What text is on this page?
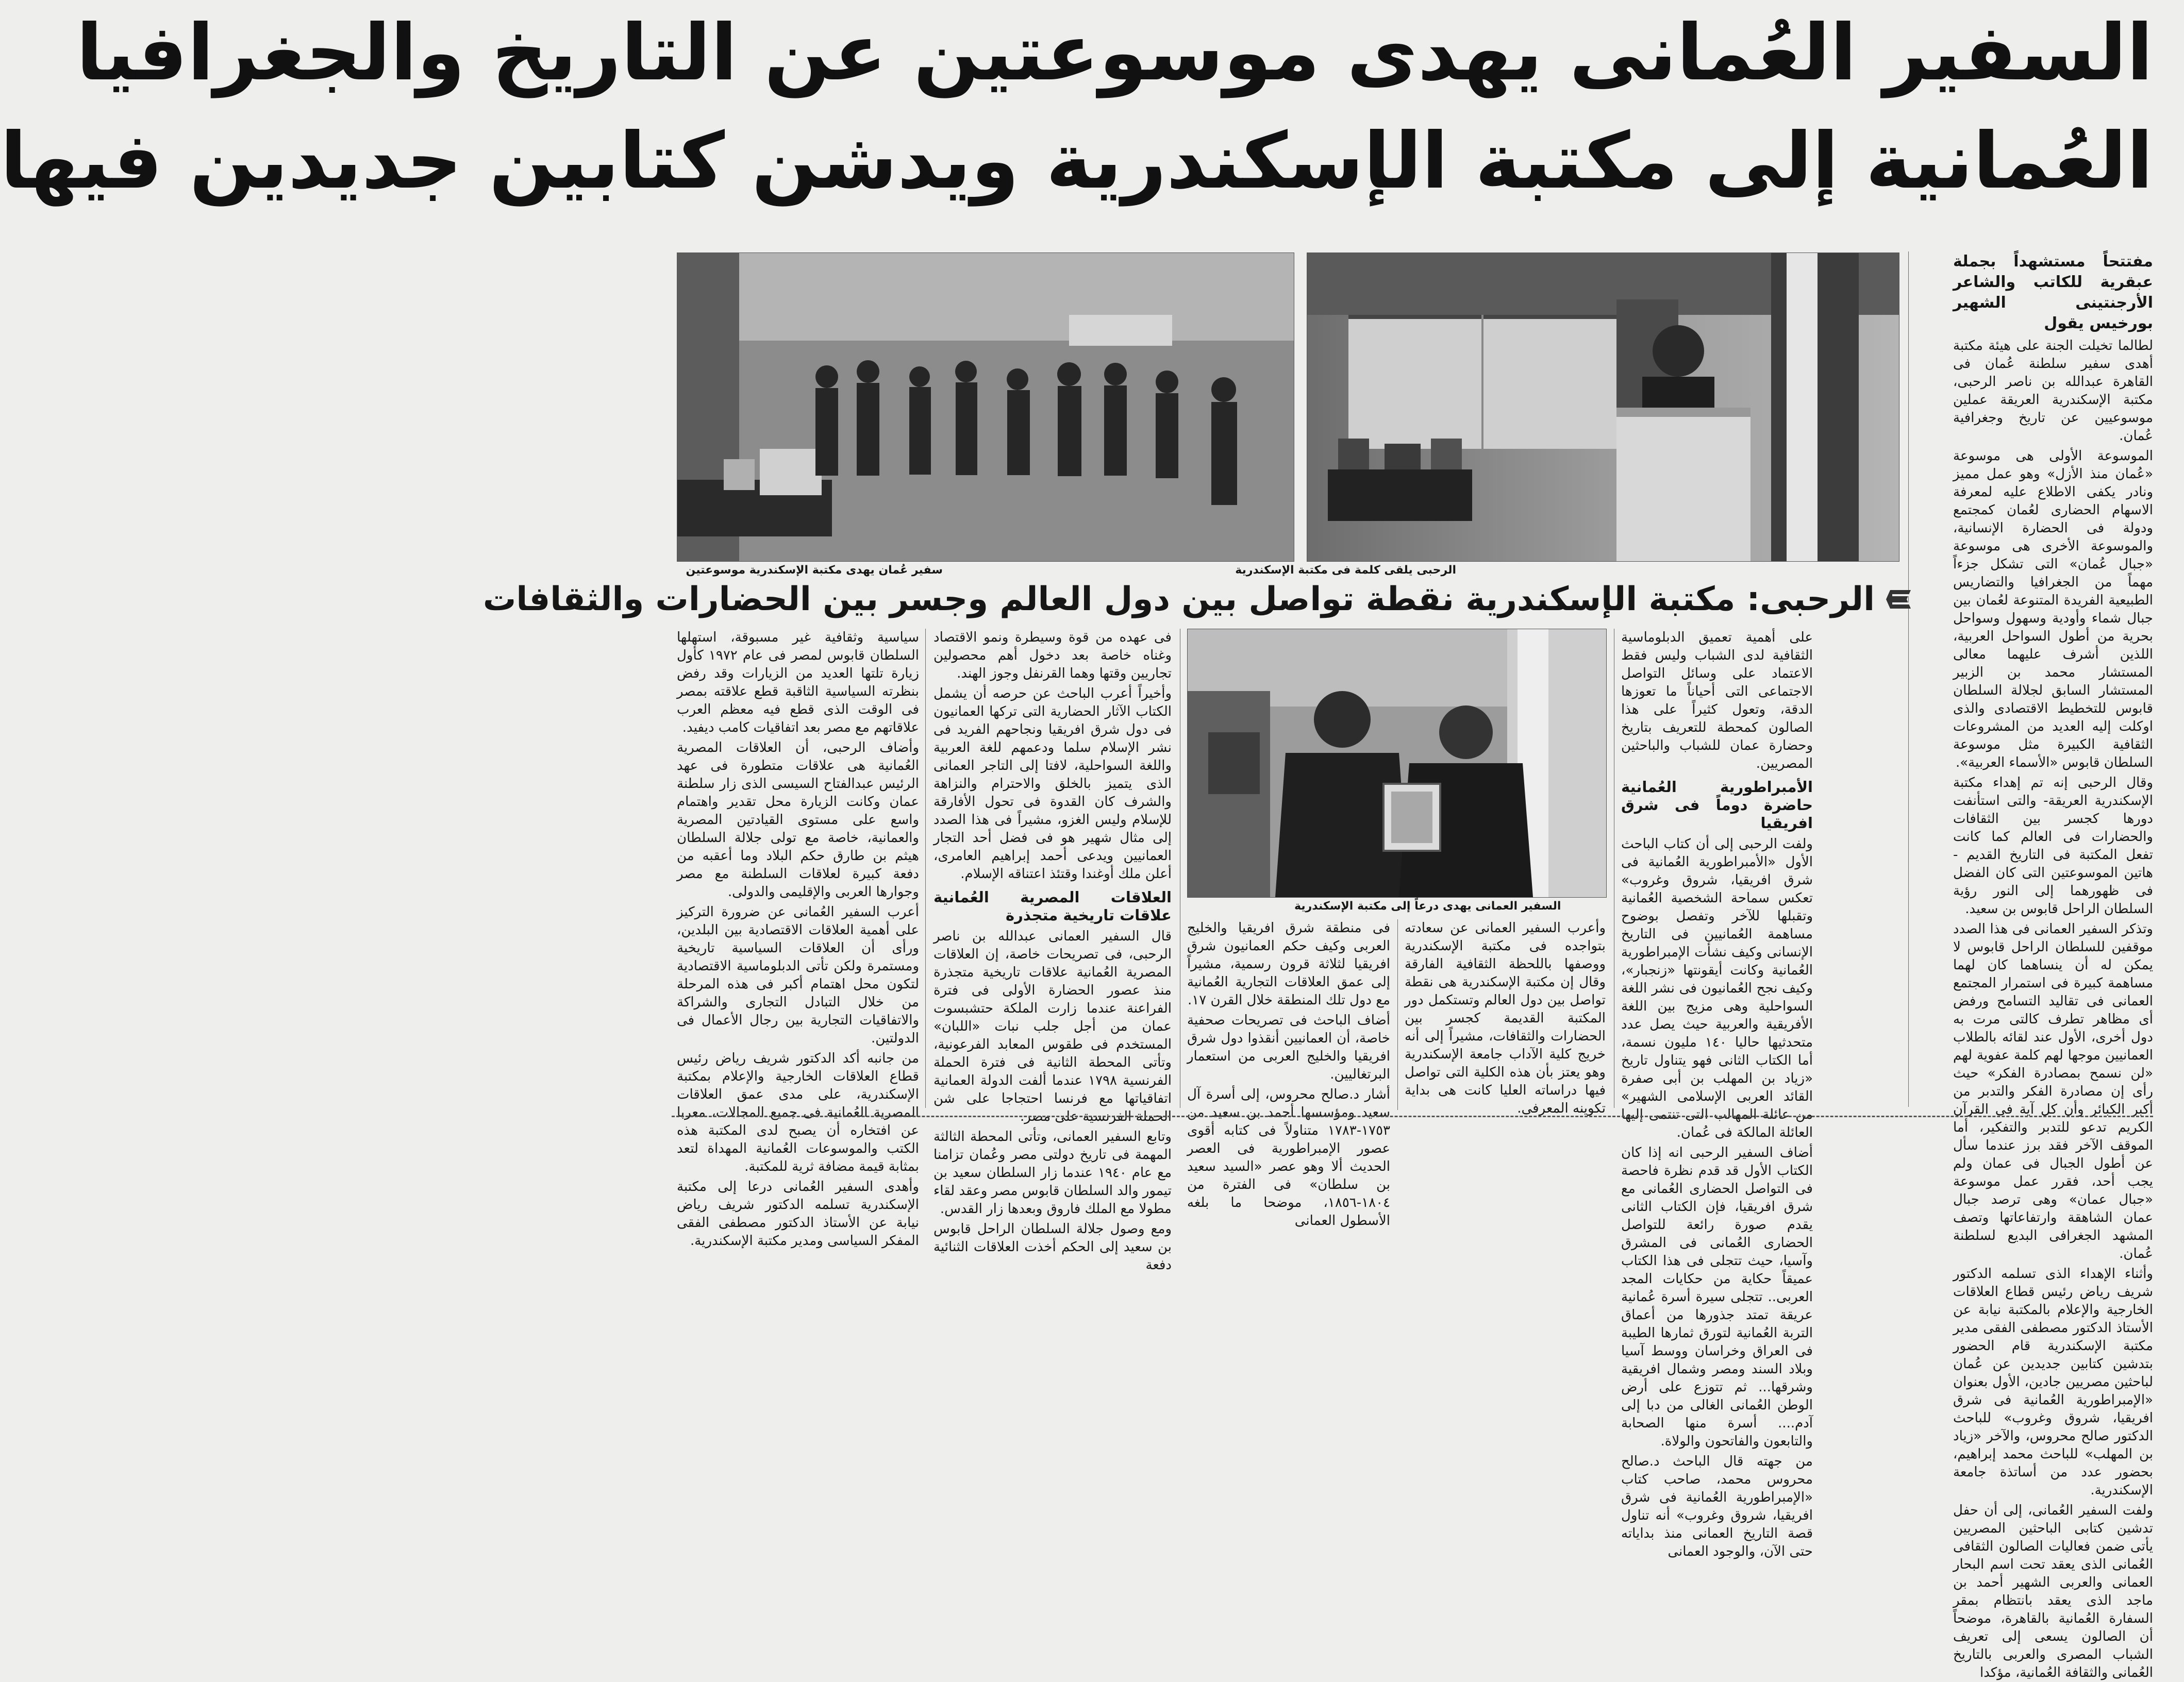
السفير العُمانى يهدى موسوعتين عن التاريخ والجغرافيا
العُمانية إلى مكتبة الإسكندرية ويدشن كتابين جديدين فيها

مفتتحاً مستشهداً بجملة عبقرية للكاتب والشاعر الأرجنتينى الشهير بورخيس يقول

لطالما تخيلت الجنة على هيئة مكتبة أهدى سفير سلطنة عُمان فى القاهرة عبدالله بن ناصر الرحبى، مكتبة الإسكندرية العريقة عملين موسوعيين عن تاريخ وجغرافية عُمان.

الموسوعة الأولى هى موسوعة «عُمان منذ الأزل» وهو عمل مميز ونادر يكفى الاطلاع عليه لمعرفة الاسهام الحضارى لعُمان كمجتمع ودولة فى الحضارة الإنسانية، والموسوعة الأخرى هى موسوعة «جبال عُمان» التى تشكل جزءاً مهماً من الجغرافيا والتضاريس الطبيعية الفريدة المتنوعة لعُمان بين جبال شماء وأودية وسهول وسواحل بحرية من أطول السواحل العربية، اللذين أشرف عليهما معالى المستشار محمد بن الزبير المستشار السابق لجلالة السلطان قابوس للتخطيط الاقتصادى والذى اوكلت إليه العديد من المشروعات الثقافية الكبيرة مثل موسوعة السلطان قابوس «الأسماء العربية».

وقال الرحبى إنه تم إهداء مكتبة الإسكندرية العريقة- والتى استأنفت دورها كجسر بين الثقافات والحضارات فى العالم كما كانت تفعل المكتبة فى التاريخ القديم - هاتين الموسوعتين التى كان الفضل فى ظهورهما إلى النور رؤية السلطان الراحل قابوس بن سعيد.

وتذكر السفير العمانى فى هذا الصدد موقفين للسلطان الراحل قابوس لا يمكن له أن ينساهما كان لهما مساهمة كبيرة فى استمرار المجتمع العمانى فى تقاليد التسامح ورفض أى مظاهر تطرف كالتى مرت به دول أخرى، الأول عند لقائه بالطلاب العمانيين موجها لهم كلمة عفوية لهم «لن نسمح بمصادرة الفكر» حيث رأى إن مصادرة الفكر والتدبر من أكبر الكبائر وأن كل آية فى القرآن الكريم تدعو للتدبر والتفكير، أما الموقف الآخر فقد برز عندما سأل عن أطول الجبال فى عمان ولم يجب أحد، فقرر عمل موسوعة «جبال عمان» وهى ترصد جبال عمان الشاهقة وارتفاعاتها وتصف المشهد الجغرافى البديع لسلطنة عُمان.

وأثناء الإهداء الذى تسلمه الدكتور شريف رياض رئيس قطاع العلاقات الخارجية والإعلام بالمكتبة نيابة عن الأستاذ الدكتور مصطفى الفقى مدير مكتبة الإسكندرية قام الحضور بتدشين كتابين جديدين عن عُمان لباحثين مصريين جادين، الأول بعنوان «الإمبراطورية العُمانية فى شرق افريقيا، شروق وغروب» للباحث الدكتور صالح محروس، والآخر «زياد بن المهلب» للباحث محمد إبراهيم، بحضور عدد من أساتذة جامعة الإسكندرية.

ولفت السفير العُمانى، إلى أن حفل تدشين كتابى الباحثين المصريين يأتى ضمن فعاليات الصالون الثقافى العُمانى الذى يعقد تحت اسم البحار العمانى والعربى الشهير أحمد بن ماجد الذى يعقد بانتظام بمقر السفارة العُمانية بالقاهرة، موضحاً أن الصالون يسعى إلى تعريف الشباب المصرى والعربى بالتاريخ العُمانى والثقافة العُمانية، مؤكدا

الرحبى يلقى كلمة فى مكتبة الإسكندرية
سفير عُمان يهدى مكتبة الإسكندرية موسوعتين
الرحبى: مكتبة الإسكندرية نقطة تواصل بين دول العالم وجسر بين الحضارات والثقافات

على أهمية تعميق الدبلوماسية الثقافية لدى الشباب وليس فقط الاعتماد على وسائل التواصل الاجتماعى التى أحياناً ما تعوزها الدقة، وتعول كثيراً على هذا الصالون كمحطة للتعريف بتاريخ وحضارة عمان للشباب والباحثين المصريين.

الأمبراطورية العُمانية حاضرة دوماً فى شرق افريقيا

ولفت الرحبى إلى أن كتاب الباحث الأول «الأمبراطورية العُمانية فى شرق افريقيا، شروق وغروب» تعكس سماحة الشخصية العُمانية وتقبلها للآخر وتفصل بوضوح مساهمة العُمانيين فى التاريخ الإنسانى وكيف نشأت الإمبراطورية العُمانية وكانت أيقونتها «زنجبار»، وكيف نجح العُمانيون فى نشر اللغة السواحلية وهى مزيج بين اللغة الأفريقية والعربية حيث يصل عدد متحدثيها حاليا ١٤٠ مليون نسمة، أما الكتاب الثانى فهو يتناول تاريخ «زياد بن المهلب بن أبى صفرة القائد العربى الإسلامى الشهير» من عائلة المهالب التى تنتمى إليها العائلة المالكة فى عُمان.

أضاف السفير الرحبى انه إذا كان الكتاب الأول قد قدم نظرة فاحصة فى التواصل الحضارى العُمانى مع شرق افريقيا، فإن الكتاب الثانى يقدم صورة رائعة للتواصل الحضارى العُمانى فى المشرق وآسيا، حيث تتجلى فى هذا الكتاب عميقاً حكاية من حكايات المجد العربى.. تتجلى سيرة أسرة عُمانية عريقة تمتد جذورها من أعماق التربة العُمانية لتورق ثمارها الطيبة فى العراق وخراسان ووسط آسيا وبلاد السند ومصر وشمال افريقية وشرقها... ثم تتوزع على أرض الوطن العُمانى الغالى من دبا إلى آدم.... أسرة منها الصحابة والتابعون والفاتحون والولاة.

من جهته قال الباحث د.صالح محروس محمد، صاحب كتاب «الإمبراطورية العُمانية فى شرق افريقيا، شروق وغروب» أنه تناول قصة التاريخ العمانى منذ بداياته حتى الآن، والوجود العمانى

السفير العمانى يهدى درعاً إلى مكتبة الإسكندرية

وأعرب السفير العمانى عن سعادته بتواجده فى مكتبة الإسكندرية ووصفها باللحظة الثقافية الفارقة وقال إن مكتبة الإسكندرية هى نقطة تواصل بين دول العالم وتستكمل دور المكتبة القديمة كجسر بين الحضارات والثقافات، مشيراً إلى أنه خريج كلية الآداب جامعة الإسكندرية وهو يعتز بأن هذه الكلية التى تواصل فيها دراساته العليا كانت هى بداية تكوينه المعرفى.

فى منطقة شرق افريقيا والخليج العربى وكيف حكم العمانيون شرق افريقيا لثلاثة قرون رسمية، مشيراً إلى عمق العلاقات التجارية العُمانية مع دول تلك المنطقة خلال القرن ١٧.

أضاف الباحث فى تصريحات صحفية خاصة، أن العمانيين أنقذوا دول شرق افريقيا والخليج العربى من استعمار البرتغاليين.

أشار د.صالح محروس، إلى أسرة آل سعيد ومؤسسها أحمد بن سعيد من ١٧٥٣-١٧٨٣ متناولاً فى كتابه أقوى عصور الإمبراطورية فى العصر الحديث ألا وهو عصر «السيد سعيد بن سلطان» فى الفترة من ١٨٠٤-١٨٥٦، موضحا ما بلغه الأسطول العمانى

فى عهده من قوة وسيطرة ونمو الاقتصاد وغناه خاصة بعد دخول أهم محصولين تجاريين وقتها وهما القرنفل وجوز الهند.

وأخيراً أعرب الباحث عن حرصه أن يشمل الكتاب الآثار الحضارية التى تركها العمانيون فى دول شرق افريقيا ونجاحهم الفريد فى نشر الإسلام سلما ودعمهم للغة العربية واللغة السواحلية، لافتا إلى التاجر العمانى الذى يتميز بالخلق والاحترام والنزاهة والشرف كان القدوة فى تحول الأفارقة للإسلام وليس الغزو، مشيراً فى هذا الصدد إلى مثال شهير هو فى فضل أحد التجار العمانيين ويدعى أحمد إبراهيم العامرى، أعلن ملك أوغندا وقتئذ اعتناقه الإسلام.

العلاقات المصرية العُمانية علاقات تاريخية متجذرة

قال السفير العمانى عبدالله بن ناصر الرحبى، فى تصريحات خاصة، إن العلاقات المصرية العُمانية علاقات تاريخية متجذرة منذ عصور الحضارة الأولى فى فترة الفراعنة عندما زارت الملكة حتشبسوت عمان من أجل جلب نبات «اللبان» المستخدم فى طقوس المعابد الفرعونية، وتأتى المحطة الثانية فى فترة الحملة الفرنسية ١٧٩٨ عندما ألفت الدولة العمانية اتفاقياتها مع فرنسا احتجاجا على شن الحملة الفرنسية على مصر.

وتابع السفير العمانى، وتأتى المحطة الثالثة المهمة فى تاريخ دولتى مصر وعُمان تزامنا مع عام ١٩٤٠ عندما زار السلطان سعيد بن تيمور والد السلطان قابوس مصر وعقد لقاء مطولا مع الملك فاروق وبعدها زار القدس.

ومع وصول جلالة السلطان الراحل قابوس بن سعيد إلى الحكم أخذت العلاقات الثنائية دفعة

سياسية وثقافية غير مسبوقة، استهلها السلطان قابوس لمصر فى عام ١٩٧٢ كأول زيارة تلتها العديد من الزيارات وقد رفض بنظرته السياسية الثاقبة قطع علاقته بمصر فى الوقت الذى قطع فيه معظم العرب علاقاتهم مع مصر بعد اتفاقيات كامب ديفيد.

وأضاف الرحبى، أن العلاقات المصرية العُمانية هى علاقات متطورة فى عهد الرئيس عبدالفتاح السيسى الذى زار سلطنة عمان وكانت الزيارة محل تقدير واهتمام واسع على مستوى القيادتين المصرية والعمانية، خاصة مع تولى جلالة السلطان هيثم بن طارق حكم البلاد وما أعقبه من دفعة كبيرة لعلاقات السلطنة مع مصر وجوارها العربى والإقليمى والدولى.

أعرب السفير العُمانى عن ضرورة التركيز على أهمية العلاقات الاقتصادية بين البلدين، ورأى أن العلاقات السياسية تاريخية ومستمرة ولكن تأتى الدبلوماسية الاقتصادية لتكون محل اهتمام أكبر فى هذه المرحلة من خلال التبادل التجارى والشراكة والاتفاقيات التجارية بين رجال الأعمال فى الدولتين.

من جانبه أكد الدكتور شريف رياض رئيس قطاع العلاقات الخارجية والإعلام بمكتبة الإسكندرية، على مدى عمق العلاقات المصرية العُمانية فى جميع المجالات، معربا عن افتخاره أن يصبح لدى المكتبة هذه الكتب والموسوعات العُمانية المهداة لتعد بمثابة قيمة مضافة ثرية للمكتبة.

وأهدى السفير العُمانى درعا إلى مكتبة الإسكندرية تسلمه الدكتور شريف رياض نيابة عن الأستاذ الدكتور مصطفى الفقى المفكر السياسى ومدير مكتبة الإسكندرية.
